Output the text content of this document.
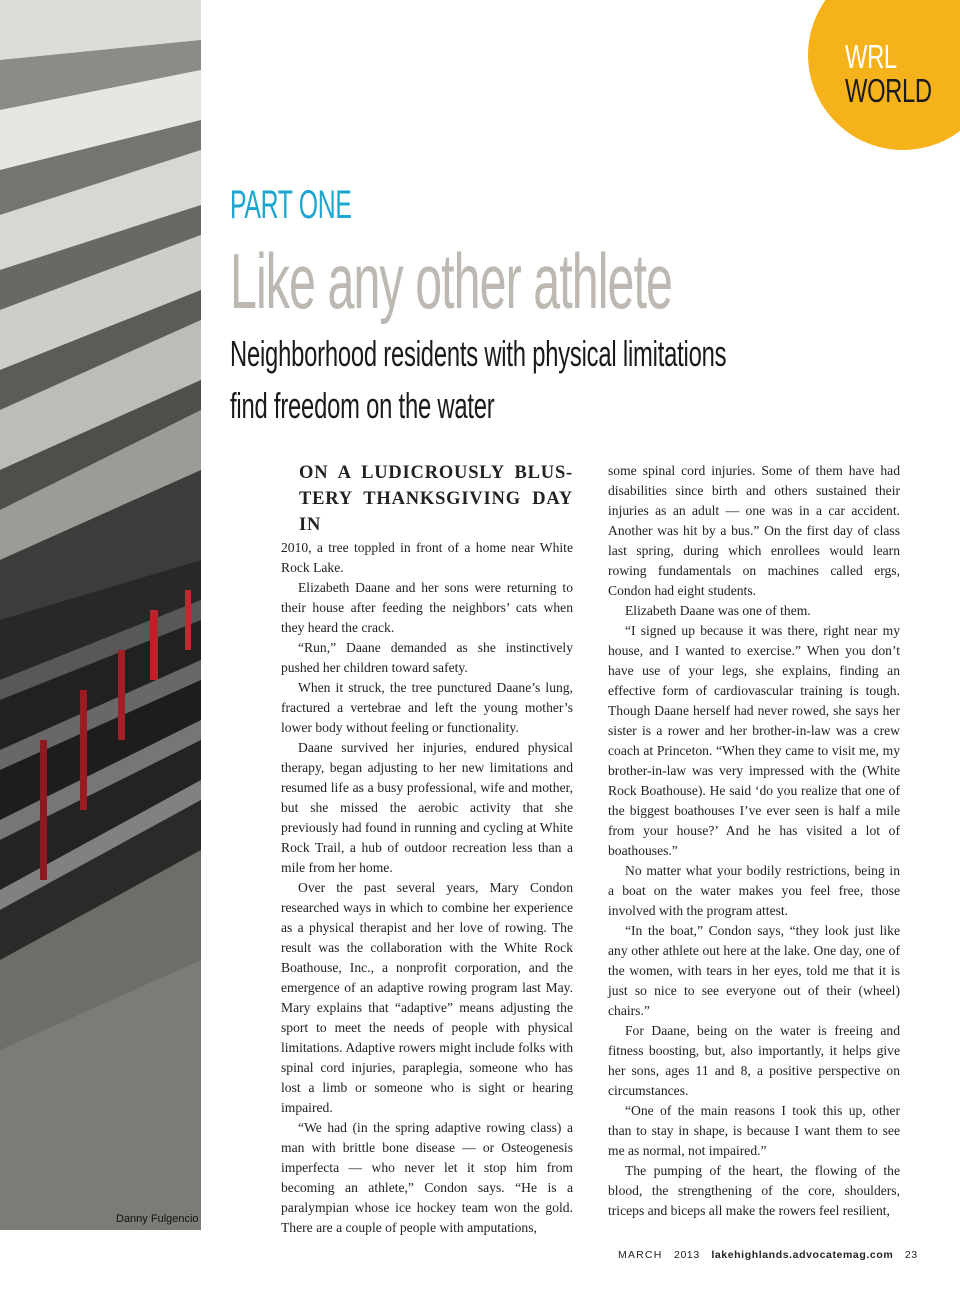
Danny Fulgencio
WRL
WORLD
PART ONE
Like any other athlete
Neighborhood residents with physical limitations
find freedom on the water
ON A LUDICROUSLY BLUS-
TERY THANKSGIVING DAY IN

2010, a tree toppled in front of a home near White Rock Lake.

Elizabeth Daane and her sons were returning to their house after feeding the neighbors’ cats when they heard the crack.

“Run,” Daane demanded as she instinctively pushed her children toward safety.

When it struck, the tree punctured Daane’s lung, fractured a vertebrae and left the young mother’s lower body without feeling or functionality.

Daane survived her injuries, endured physical therapy, began adjusting to her new limitations and resumed life as a busy professional, wife and mother, but she missed the aerobic activity that she previously had found in running and cycling at White Rock Trail, a hub of outdoor recreation less than a mile from her home.

Over the past several years, Mary Condon researched ways in which to combine her experience as a physical therapist and her love of rowing. The result was the collaboration with the White Rock Boathouse, Inc., a nonprofit corporation, and the emergence of an adaptive rowing program last May. Mary explains that “adaptive” means adjusting the sport to meet the needs of people with physical limitations. Adaptive rowers might include folks with spinal cord injuries, paraplegia, someone who has lost a limb or someone who is sight or hearing impaired.

“We had (in the spring adaptive rowing class) a man with brittle bone disease — or Osteogenesis imperfecta — who never let it stop him from becoming an athlete,” Condon says. “He is a paralympian whose ice hockey team won the gold. There are a couple of people with amputations,

some spinal cord injuries. Some of them have had disabilities since birth and others sustained their injuries as an adult — one was in a car accident. Another was hit by a bus.” On the first day of class last spring, during which enrollees would learn rowing fundamentals on machines called ergs, Condon had eight students.

Elizabeth Daane was one of them.

“I signed up because it was there, right near my house, and I wanted to exercise.” When you don’t have use of your legs, she explains, finding an effective form of cardiovascular training is tough. Though Daane herself had never rowed, she says her sister is a rower and her brother-in-law was a crew coach at Princeton. “When they came to visit me, my brother-in-law was very impressed with the (White Rock Boathouse). He said ‘do you realize that one of the biggest boathouses I’ve ever seen is half a mile from your house?’ And he has visited a lot of boathouses.”

No matter what your bodily restrictions, being in a boat on the water makes you feel free, those involved with the program attest.

“In the boat,” Condon says, “they look just like any other athlete out here at the lake. One day, one of the women, with tears in her eyes, told me that it is just so nice to see everyone out of their (wheel) chairs.”

For Daane, being on the water is freeing and fitness boosting, but, also importantly, it helps give her sons, ages 11 and 8, a positive perspective on circumstances.

“One of the main reasons I took this up, other than to stay in shape, is because I want them to see me as normal, not impaired.”

The pumping of the heart, the flowing of the blood, the strengthening of the core, shoulders, triceps and biceps all make the rowers feel resilient,

MARCH 2013 lakehighlands.advocatemag.com 23
